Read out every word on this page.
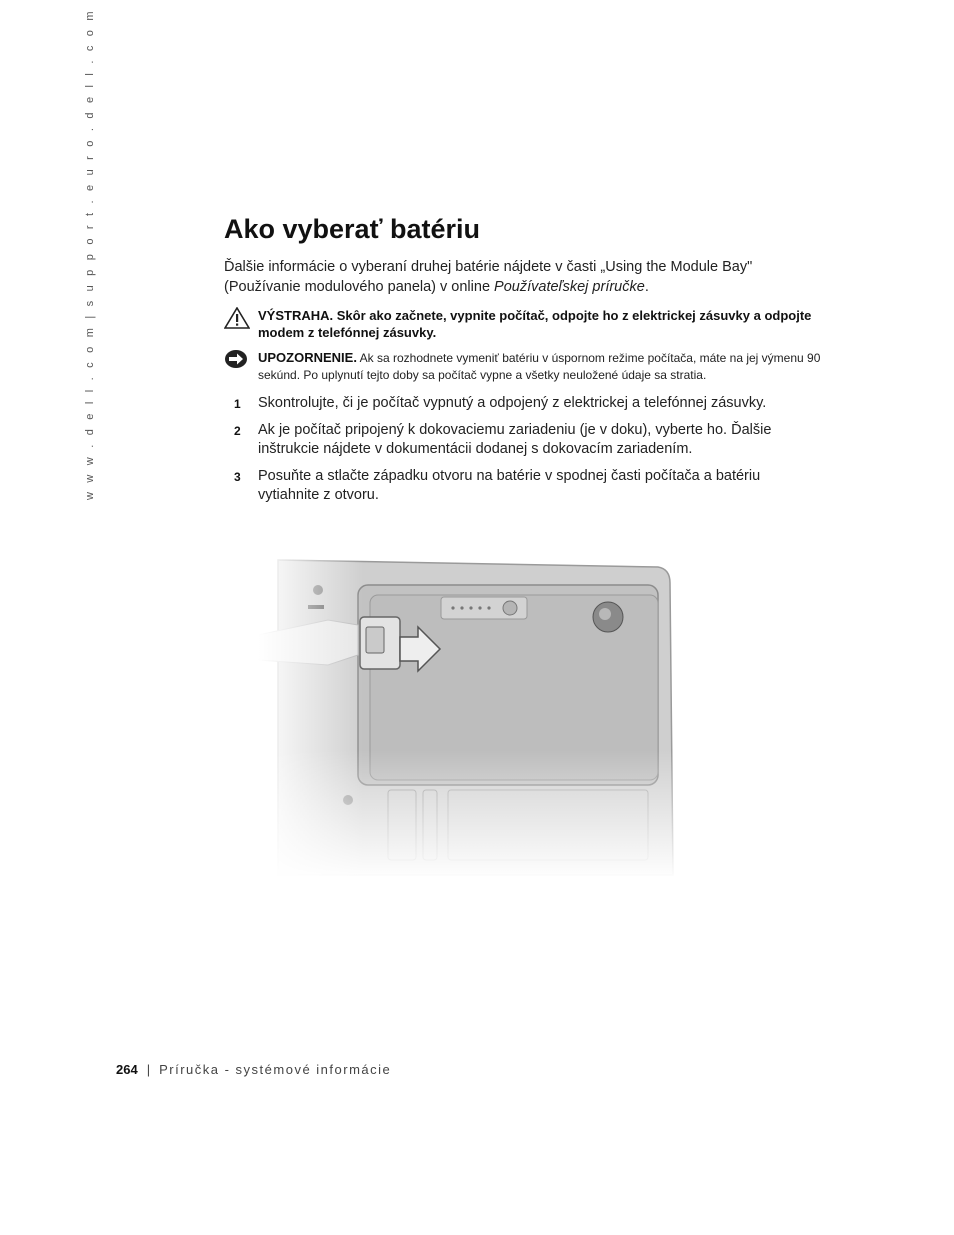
w w w . d e l l . c o m | s u p p o r t . e u r o . d e l l . c o m	Ako vyberať batériu

Ďalšie informácie o vyberaní druhej batérie nájdete v časti „Using the Module Bay" (Používanie modulového panela) v online Používateľskej príručke.

VÝSTRAHA. Skôr ako začnete, vypnite počítač, odpojte ho z elektrickej zásuvky a odpojte modem z telefónnej zásuvky.
UPOZORNENIE. Ak sa rozhodnete vymeniť batériu v úspornom režime počítača, máte na jej výmenu 90 sekúnd. Po uplynutí tejto doby sa počítač vypne a všetky neuložené údaje sa stratia.
1 Skontrolujte, či je počítač vypnutý a odpojený z elektrickej a telefónnej zásuvky.
2 Ak je počítač pripojený k dokovaciemu zariadeniu (je v doku), vyberte ho. Ďalšie inštrukcie nájdete v dokumentácii dodanej s dokovacím zariadením.
3 Posuňte a stlačte západku otvoru na batérie v spodnej časti počítača a batériu vytiahnite z otvoru.
264 | Príručka - systémové informácie
